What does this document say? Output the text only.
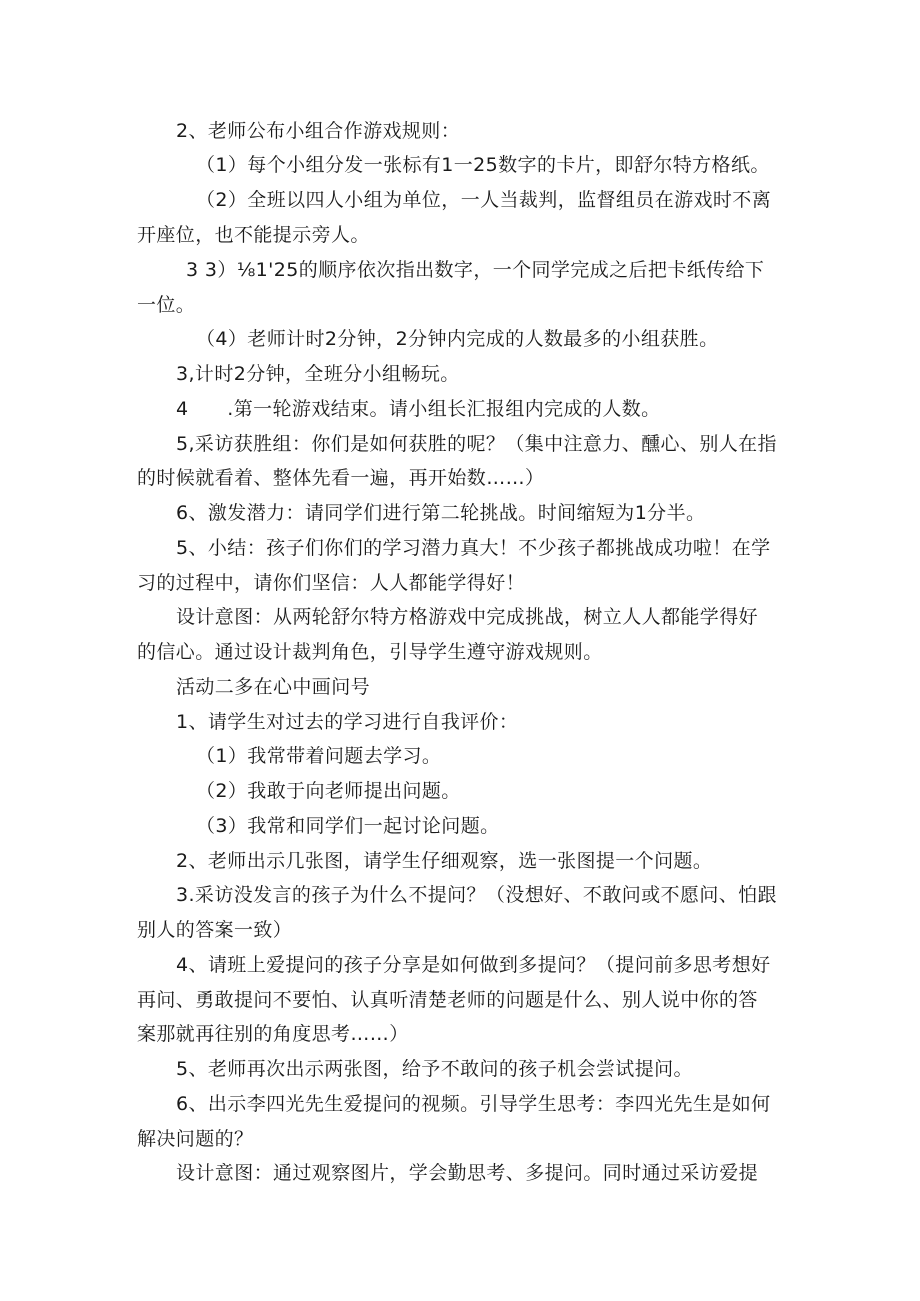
2、老师公布小组合作游戏规则：
（1）每个小组分发一张标有1一25数字的卡片，即舒尔特方格纸。
（2）全班以四人小组为单位，一人当裁判，监督组员在游戏时不离
开座位，也不能提示旁人。
3 3）⅛1'25的顺序依次指出数字，一个同学完成之后把卡纸传给下
一位。
（4）老师计时2分钟，2分钟内完成的人数最多的小组获胜。
3,计时2分钟，全班分小组畅玩。
4　　.第一轮游戏结束。请小组长汇报组内完成的人数。
5,采访获胜组：你们是如何获胜的呢？（集中注意力、醺心、别人在指
的时候就看着、整体先看一遍，再开始数……）
6、激发潜力：请同学们进行第二轮挑战。时间缩短为1分半。
5、小结：孩子们你们的学习潜力真大！不少孩子都挑战成功啦！在学
习的过程中，请你们坚信：人人都能学得好！
设计意图：从两轮舒尔特方格游戏中完成挑战，树立人人都能学得好
的信心。通过设计裁判角色，引导学生遵守游戏规则。
活动二多在心中画问号
1、请学生对过去的学习进行自我评价：
（1）我常带着问题去学习。
（2）我敢于向老师提出问题。
（3）我常和同学们一起讨论问题。
2、老师出示几张图，请学生仔细观察，选一张图提一个问题。
3.采访没发言的孩子为什么不提问？（没想好、不敢问或不愿问、怕跟
别人的答案一致）
4、请班上爱提问的孩子分享是如何做到多提问？（提问前多思考想好
再问、勇敢提问不要怕、认真听清楚老师的问题是什么、别人说中你的答
案那就再往别的角度思考……）
5、老师再次出示两张图，给予不敢问的孩子机会尝试提问。
6、出示李四光先生爱提问的视频。引导学生思考：李四光先生是如何
解决问题的？
设计意图：通过观察图片，学会勤思考、多提问。同时通过采访爱提
